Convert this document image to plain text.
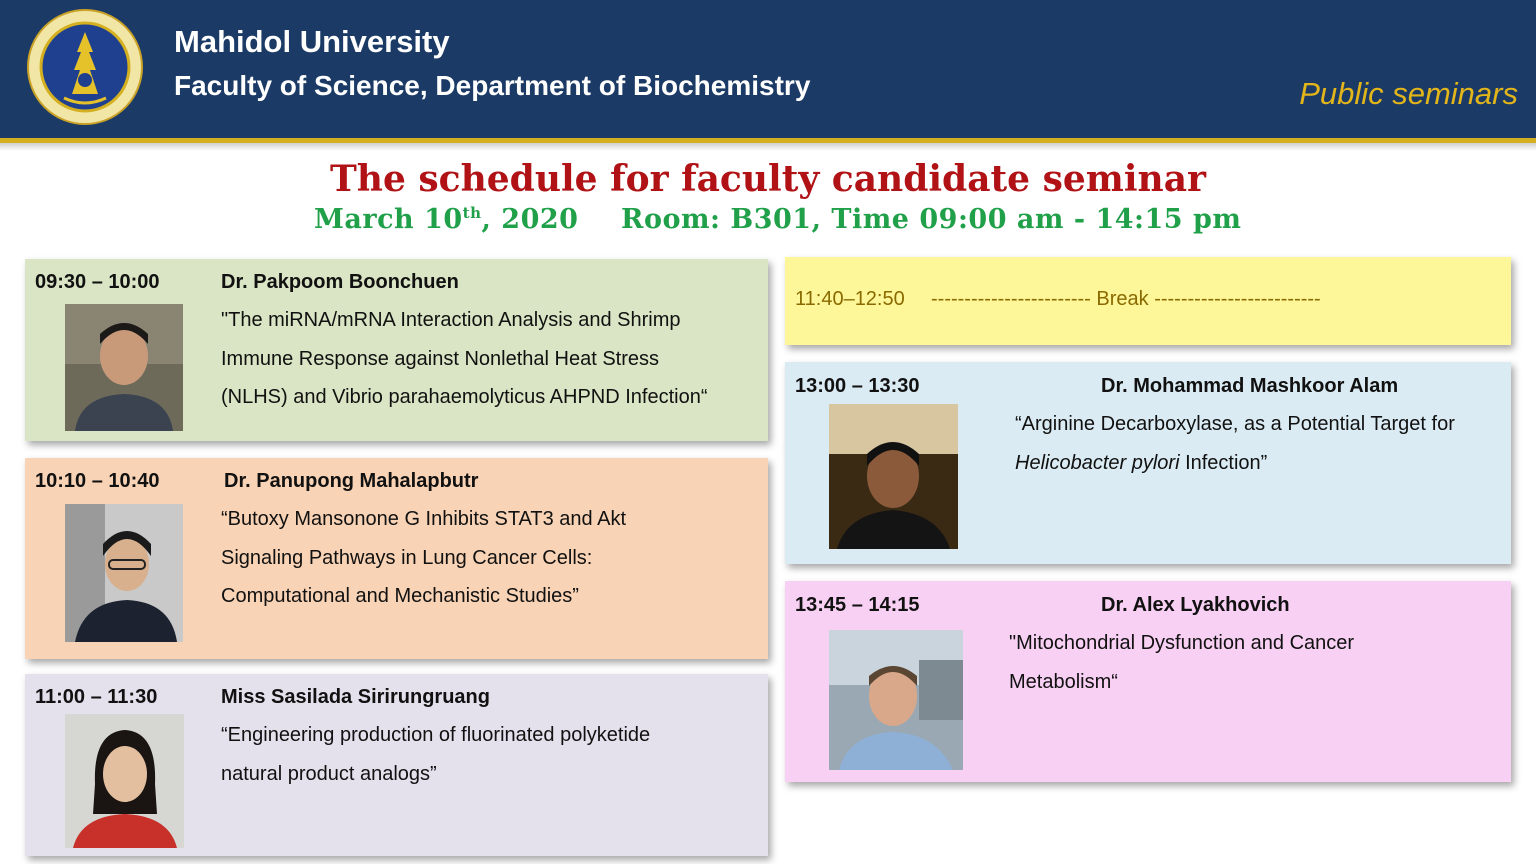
Mahidol University
Faculty of Science, Department of Biochemistry	Public seminars
The schedule for faculty candidate seminar
March 10th, 2020 Room: B301, Time 09:00 am - 14:15 pm
09:30 – 10:00	Dr. Pakpoom Boonchuen
"The miRNA/mRNA Interaction Analysis and Shrimp
Immune Response against Nonlethal Heat Stress
(NLHS) and Vibrio parahaemolyticus AHPND Infection“
10:10 – 10:40	Dr. Panupong Mahalapbutr
“Butoxy Mansonone G Inhibits STAT3 and Akt
Signaling Pathways in Lung Cancer Cells:
Computational and Mechanistic Studies”
11:00 – 11:30	Miss Sasilada Sirirungruang
“Engineering production of fluorinated polyketide
natural product analogs”
11:40–12:50 ------------------------ Break -------------------------
13:00 – 13:30	Dr. Mohammad Mashkoor Alam
“Arginine Decarboxylase, as a Potential Target for
Helicobacter pylori Infection”
13:45 – 14:15	Dr. Alex Lyakhovich
"Mitochondrial Dysfunction and Cancer
Metabolism“
